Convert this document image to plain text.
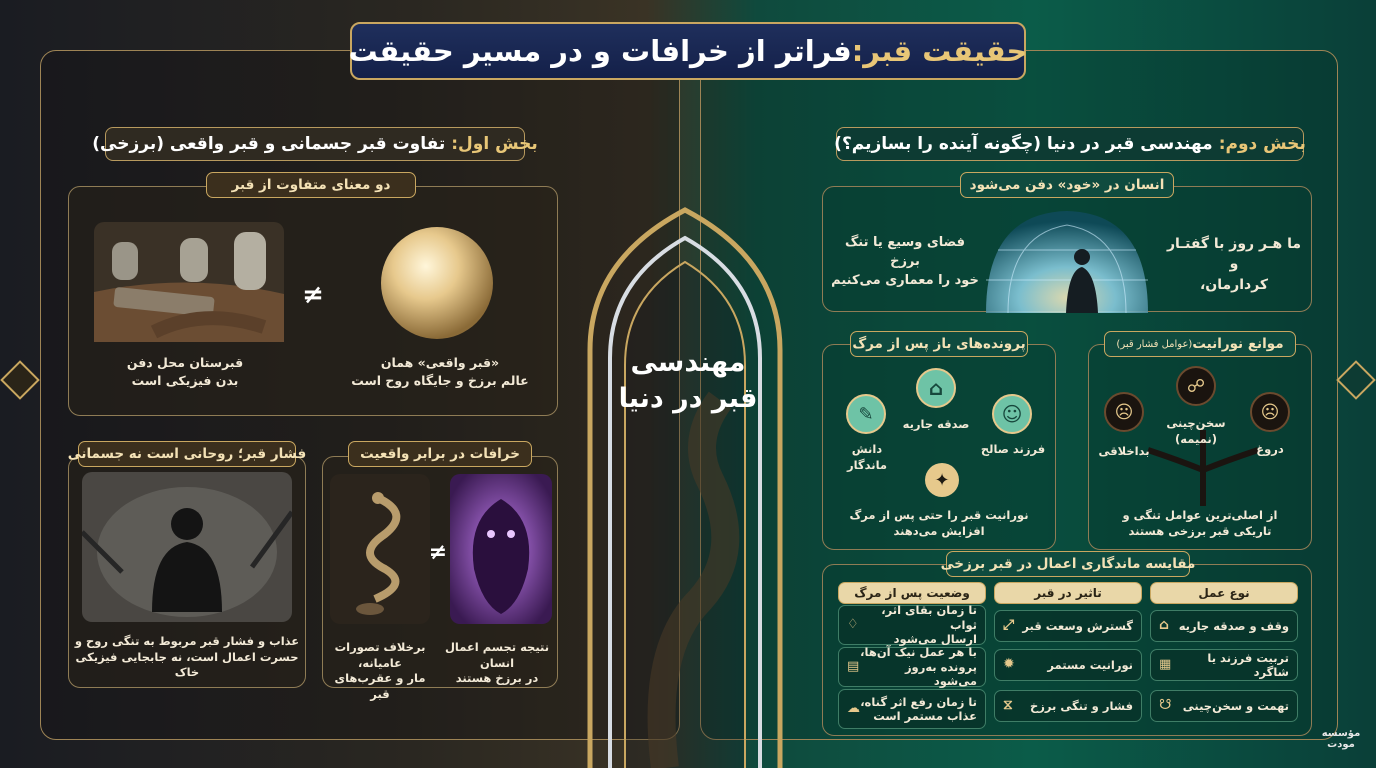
حقیقت قبر:
فراتر از خرافات و در مسیر حقیقت
مهندسی
قبر در دنیا
بخش اول:
تفاوت قبر جسمانی و قبر واقعی (برزخی)
دو معنای متفاوت از قبر
≠
«قبر واقعی» همان
عالم برزخ و جایگاه روح است
قبرستان محل دفن
بدن فیزیکی است
فشار قبر؛ روحانی است نه جسمانی
عذاب و فشار قبر مربوط به تنگی روح و
حسرت اعمال است، نه جابجایی فیزیکی خاک
خرافات در برابر واقعیت
≠
برخلاف تصورات عامیانه،
مار و عقرب‌های قبر
نتیجه تجسم اعمال انسان
در برزخ هستند
بخش دوم:
مهندسی قبر در دنیا (چگونه آینده را بسازیم؟)
انسان در «خود» دفن می‌شود
ما هـر روز با گفتـار و
کردارمان،
فضای وسیع یا تنگ برزخ
خود را معماری می‌کنیم
پرونده‌های باز پس از مرگ
☺
فرزند صالح
⌂
صدقه جاریه
✎
دانش ماندگار
✦
نورانیت قبر را حتی پس از مرگ
افزایش می‌دهند
موانع نورانیت
(عوامل فشار قبر)
☹
دروغ
☍
سخن‌چینی
(نمیمه)
☹
بداخلاقی
از اصلی‌ترین عوامل تنگی و
تاریکی قبر برزخی هستند
مقایسه ماندگاری اعمال در قبر برزخی
نوع عمل
تاثیر در قبر
وضعیت پس از مرگ
وقف و صدقه جاریه
⌂
گسترش وسعت قبر
⤢
تا زمان بقای اثر، ثواب
ارسال می‌شود
♢
تربیت فرزند یا شاگرد
▦
نورانیت مستمر
✹
با هر عمل نیک آن‌ها،
پرونده به‌روز می‌شود
▤
تهمت و سخن‌چینی
☋
فشار و تنگی برزخ
⧖
تا زمان رفع اثر گناه،
عذاب مستمر است
☁
مؤسسه
مودت
